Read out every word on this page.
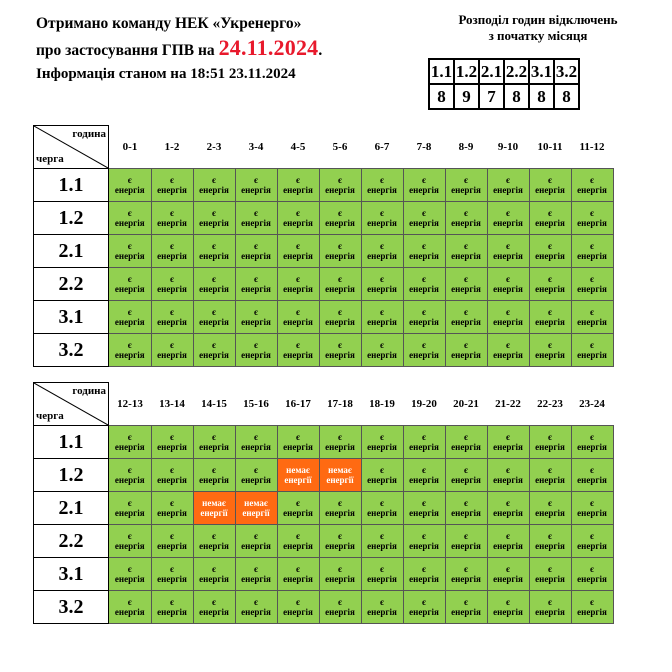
Отримано команду НЕК «Укренерго»
про застосування ГПВ на 24.11.2024.
Інформація станом на 18:51 23.11.2024
Розподіл годин відключень
з початку місяця
1.1	1.2	2.1	2.2	3.1	3.2
8	9	7	8	8	8
година
черга	0-1	1-2	2-3	3-4	4-5	5-6	6-7	7-8	8-9	9-10	10-11	11-12
1.1	є
енергія	є
енергія	є
енергія	є
енергія	є
енергія	є
енергія	є
енергія	є
енергія	є
енергія	є
енергія	є
енергія	є
енергія

1.2	є
енергія	є
енергія	є
енергія	є
енергія	є
енергія	є
енергія	є
енергія	є
енергія	є
енергія	є
енергія	є
енергія	є
енергія

2.1	є
енергія	є
енергія	є
енергія	є
енергія	є
енергія	є
енергія	є
енергія	є
енергія	є
енергія	є
енергія	є
енергія	є
енергія

2.2	є
енергія	є
енергія	є
енергія	є
енергія	є
енергія	є
енергія	є
енергія	є
енергія	є
енергія	є
енергія	є
енергія	є
енергія

3.1	є
енергія	є
енергія	є
енергія	є
енергія	є
енергія	є
енергія	є
енергія	є
енергія	є
енергія	є
енергія	є
енергія	є
енергія

3.2	є
енергія	є
енергія	є
енергія	є
енергія	є
енергія	є
енергія	є
енергія	є
енергія	є
енергія	є
енергія	є
енергія	є
енергія
година
черга	12-13	13-14	14-15	15-16	16-17	17-18	18-19	19-20	20-21	21-22	22-23	23-24
1.1	є
енергія	є
енергія	є
енергія	є
енергія	є
енергія	є
енергія	є
енергія	є
енергія	є
енергія	є
енергія	є
енергія	є
енергія

1.2	є
енергія	є
енергія	є
енергія	є
енергія	немає
енергії	немає
енергії	є
енергія	є
енергія	є
енергія	є
енергія	є
енергія	є
енергія

2.1	є
енергія	є
енергія	немає
енергії	немає
енергії	є
енергія	є
енергія	є
енергія	є
енергія	є
енергія	є
енергія	є
енергія	є
енергія

2.2	є
енергія	є
енергія	є
енергія	є
енергія	є
енергія	є
енергія	є
енергія	є
енергія	є
енергія	є
енергія	є
енергія	є
енергія

3.1	є
енергія	є
енергія	є
енергія	є
енергія	є
енергія	є
енергія	є
енергія	є
енергія	є
енергія	є
енергія	є
енергія	є
енергія

3.2	є
енергія	є
енергія	є
енергія	є
енергія	є
енергія	є
енергія	є
енергія	є
енергія	є
енергія	є
енергія	є
енергія	є
енергія
